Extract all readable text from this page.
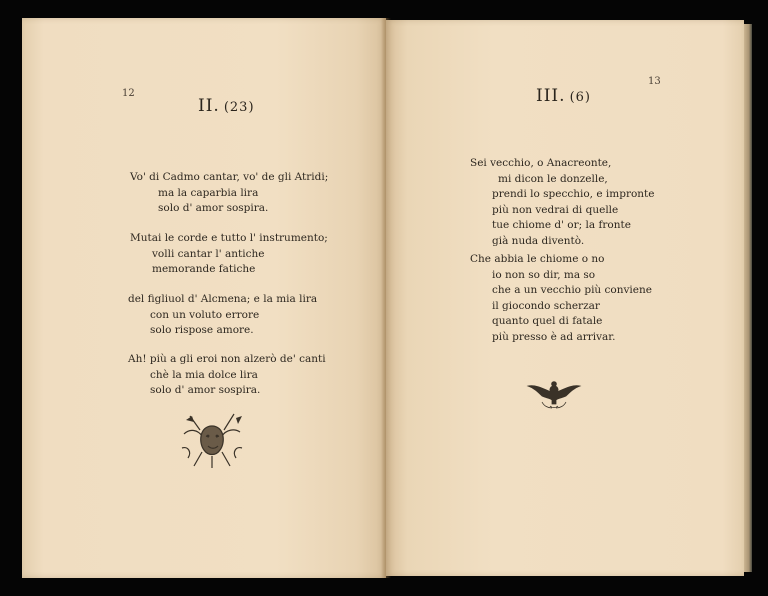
12
II. (23)
Vo' di Cadmo cantar, vo' de gli Atridi;
ma la caparbia lira
solo d' amor sospira.
Mutai le corde e tutto l' instrumento;
volli cantar l' antiche
memorande fatiche
del figliuol d' Alcmena; e la mia lira
con un voluto errore
solo rispose amore.
Ah! più a gli eroi non alzerò de' canti
chè la mia dolce lira
solo d' amor sospira.
13
III. (6)
Sei vecchio, o Anacreonte,
mi dicon le donzelle,
prendi lo specchio, e impronte
più non vedrai di quelle
tue chiome d' or; la fronte
già nuda diventò.
Che abbia le chiome o no
io non so dir, ma so
che a un vecchio più conviene
il giocondo scherzar
quanto quel di fatale
più presso è ad arrivar.
